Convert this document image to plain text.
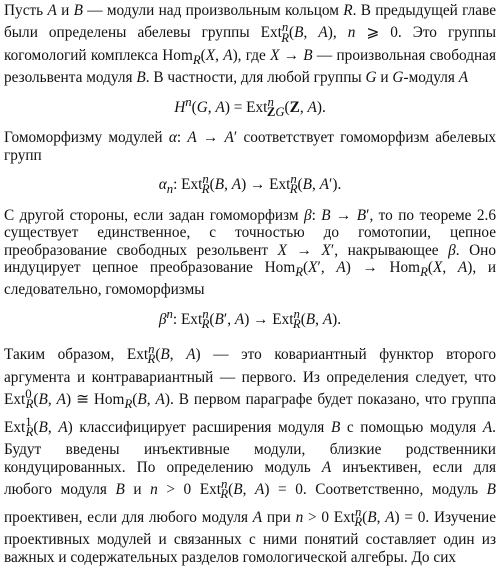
Пусть A и B — модули над произвольным кольцом R. В предыдущей главе были определены абелевы группы Ext$^n_R$(B, A), n ⩾ 0. Это группы когомологий комплекса Hom$_R$(X, A), где X → B — произвольная свободная резольвента модуля B. В частности, для любой группы G и G-модуля A

$H^n(G$, A) = Ext$^n_{ZG}$(Z, A).

Гомоморфизму модулей α: A → A′ соответствует гомоморфизм абелевых групп

$\alpha_n$: Ext$^n_R$(B, A) → Ext$^n_R$(B, A′).

С другой стороны, если задан гомоморфизм β: B → B′, то по теореме 2.6 существует единственное, с точностью до гомотопии, цепное преобразование свободных резольвент X → X′, накрывающее β. Оно индуцирует цепное преобразование Hom$_R$(X′, A) → Hom$_R$(X, A), и следовательно, гомоморфизмы

$\beta^n$: Ext$^n_R$(B′, A) → Ext$^n_R$(B, A).

Таким образом, Ext$^n_R$(B, A) — это ковариантный функтор второго аргумента и контравариантный — первого. Из определения следует, что Ext$^0_R$(B, A) ≅ Hom$_R$(B, A). В первом параграфе будет показано, что группа Ext$^1_R$(B, A) классифицирует расширения модуля B с помощью модуля A. Будут введены инъективные модули, близкие родственники кондуцированных. По определению модуль A инъективен, если для любого модуля B и n > 0 Ext$^n_R$(B, A) = 0. Соответственно, модуль B проективен, если для любого модуля A при n > 0 Ext$^n_R$(B, A) = 0. Изучение проективных модулей и связанных с ними понятий составляет один из важных и содержательных разделов гомологической алгебры. До сих
